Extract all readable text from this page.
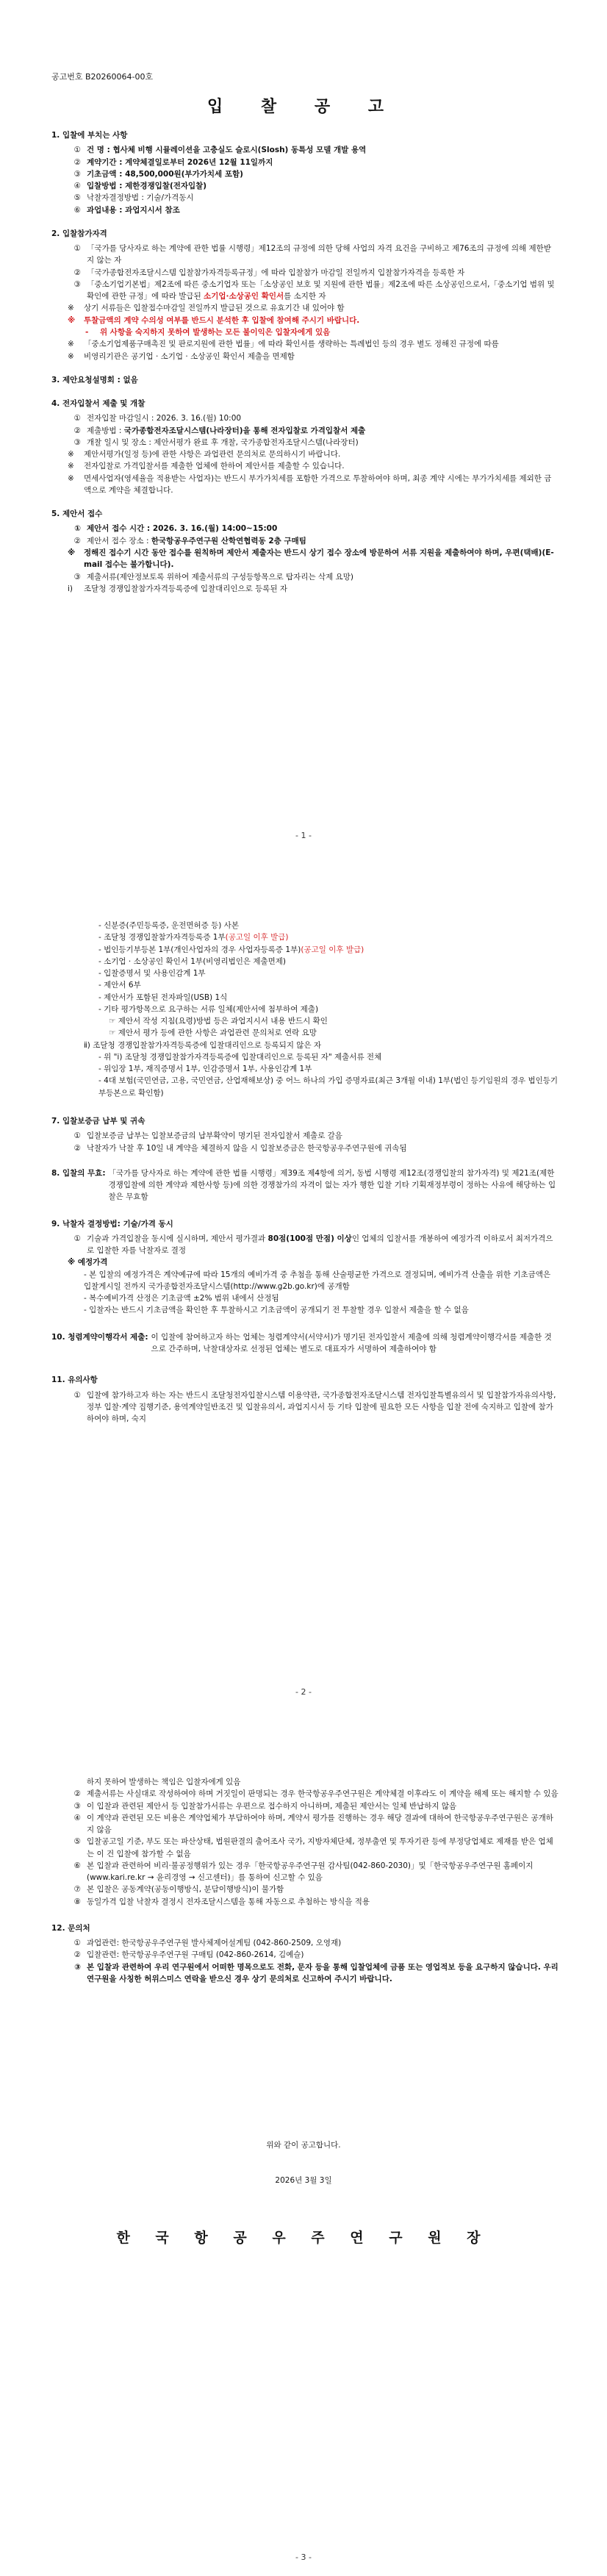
공고번호 B20260064-00호
입 찰 공 고
1. 입찰에 부치는 사항
① 건 명 : 협사체 비행 시뮬레이션을 고충실도 슬로시(Slosh) 동특성 모델 개발 용역
② 계약기간 : 계약체결일로부터 2026년 12월 11일까지
③ 기초금액 : 48,500,000원(부가가치세 포함)
④ 입찰방법 : 제한경쟁입찰(전자입찰)
⑤ 낙찰자결정방법 : 기술/가격동시
⑥ 과업내용 : 과업지시서 참조
2. 입찰참가자격
① 「국가를 당사자로 하는 계약에 관한 법률 시행령」제12조의 규정에 의한 당해 사업의 자격 요건을 구비하고 제76조의 규정에 의해 제한받지 않는 자
② 「국가종합전자조달시스템 입찰참가자격등록규정」에 따라 입찰참가 마감일 전일까지 입찰참가자격을 등록한 자
③ 「중소기업기본법」제2조에 따른 중소기업자 또는「소상공인 보호 및 지원에 관한 법률」제2조에 따른 소상공인으로서,「중소기업 범위 및 확인에 관한 규정」에 따라 발급된 소기업·소상공인 확인서를 소지한 자
※	상기 서류들은 입찰접수마감일 전일까지 발급된 것으로 유효기간 내 있어야 함
※	투찰금액의 계약 수의성 여부를 반드시 분석한 후 입찰에 참여해 주시기 바랍니다.
-	위 사항을 숙지하지 못하여 발생하는 모든 불이익은 입찰자에게 있음
※	「중소기업제품구매촉진 및 판로지원에 관한 법률」에 따라 확인서를 생략하는 특례법인 등의 경우 별도 정해진 규정에 따름
※	비영리기관은 공기업 · 소기업 · 소상공인 확인서 제출을 면제함
3. 제안요청설명회 : 없음
4. 전자입찰서 제출 및 개찰
① 전자입찰 마감일시 : 2026. 3. 16.(월) 10:00
② 제출방법 : 국가종합전자조달시스템(나라장터)을 통해 전자입찰로 가격입찰서 제출
③ 개찰 일시 및 장소 : 제안서평가 완료 후 개찰, 국가종합전자조달시스템(나라장터)
※	제안서평가(일정 등)에 관한 사항은 과업관련 문의처로 문의하시기 바랍니다.
※	전자입찰로 가격입찰서를 제출한 업체에 한하여 제안서를 제출할 수 있습니다.
※	면세사업자(영세율을 적용받는 사업자)는 반드시 부가가치세를 포함한 가격으로 투찰하여야 하며, 최종 계약 시에는 부가가치세를 제외한 금액으로 계약을 체결합니다.
5. 제안서 접수
① 제안서 접수 시간 : 2026. 3. 16.(월) 14:00~15:00
② 제안서 접수 장소 : 한국항공우주연구원 산학연협력동 2층 구매팀
※	정해진 접수기 시간 동안 접수를 원칙하며 제안서 제출자는 반드시 상기 접수 장소에 방문하여 서류 지원을 제출하여야 하며, 우편(택배)(E-mail 접수는 불가합니다).
③ 제출서류(제안정보토록 위하여 제출서류의 구성등항목으로 탑자리는 삭제 요망)
ⅰ)	조달청 경쟁입찰참가자격등록증에 입찰대리인으로 등록된 자
- 1 -
- 신분증(주민등록증, 운전면허증 등) 사본
- 조달청 경쟁입찰참가자격등록증 1부(공고일 이후 발급)
- 법인등기부등본 1부(개인사업자의 경우 사업자등록증 1부)(공고일 이후 발급)
- 소기업 · 소상공인 확인서 1부(비영리법인은 제출면제)
- 입찰증명서 및 사용인감계 1부
- 제안서 6부
- 제안서가 포함된 전자파일(USB) 1식
- 기타 평가항목으로 요구하는 서류 일체(제안서에 첨부하여 제출)
☞ 제안서 작성 지침(요령)방법 등은 과업지시서 내용 반드시 확인
☞ 제안서 평가 등에 관한 사항은 과업관련 문의처로 연락 요망
ⅱ) 조달청 경쟁입찰참가자격등록증에 입찰대리인으로 등록되지 않은 자
- 위 "ⅰ) 조달청 경쟁입찰참가자격등록증에 입찰대리인으로 등록된 자" 제출서류 전체
- 위임장 1부, 재직증명서 1부, 인감증명서 1부, 사용인감계 1부
- 4대 보험(국민연금, 고용, 국민연금, 산업재해보상) 중 어느 하나의 가입 증명자료(최근 3개월 이내) 1부(법인 등기임원의 경우 법인등기부등본으로 확인함)
7. 입찰보증금 납부 및 귀속
① 입찰보증금 납부는 입찰보증금의 납부확약이 명기된 전자입찰서 제출로 갈음
② 낙찰자가 낙찰 후 10일 내 계약을 체결하지 않을 시 입찰보증금은 한국항공우주연구원에 귀속됨
8. 입찰의 무효: 「국가를 당사자로 하는 계약에 관한 법률 시행령」제39조 제4항에 의거, 동법 시행령 제12조(경쟁입찰의 참가자격) 및 제21조(제한경쟁입찰에 의한 계약과 제한사항 등)에 의한 경쟁참가의 자격이 없는 자가 행한 입찰 기타 기획재정부령이 정하는 사유에 해당하는 입찰은 무효함
9. 낙찰자 결정방법: 기술/가격 동시
① 기술과 가격입찰을 동시에 실시하며, 제안서 평가결과 80점(100점 만점) 이상인 업체의 입찰서를 개봉하여 예정가격 이하로서 최저가격으로 입찰한 자를 낙찰자로 결정
※ 예정가격
- 본 입찰의 예정가격은 계약예규에 따라 15개의 예비가격 중 추첨을 통해 산술평균한 가격으로 결정되며, 예비가격 산출을 위한 기초금액은 입찰게시일 전까지 국가종합전자조달시스템(http://www.g2b.go.kr)에 공개함
- 복수예비가격 산정은 기초금액 ±2% 범위 내에서 산정됨
- 입찰자는 반드시 기초금액을 확인한 후 투찰하시고 기초금액이 공개되기 전 투찰할 경우 입찰서 제출을 할 수 없음
10. 청렴계약이행각서 제출: 이 입찰에 참여하고자 하는 업체는 청렴계약서(서약서)가 명기된 전자입찰서 제출에 의해 청렴계약이행각서를 제출한 것으로 간주하며, 낙찰대상자로 선정된 업체는 별도로 대표자가 서명하여 제출하여야 함
11. 유의사항
① 입찰에 참가하고자 하는 자는 반드시 조달청전자입찰시스템 이용약관, 국가종합전자조달시스템 전자입찰특별유의서 및 입찰참가자유의사항, 정부 입찰·계약 집행기준, 용역계약일반조건 및 입찰유의서, 과업지시서 등 기타 입찰에 필요한 모든 사항을 입찰 전에 숙지하고 입찰에 참가하여야 하며, 숙지
- 2 -
하지 못하여 발생하는 책임은 입찰자에게 있음
② 제출서류는 사실대로 작성하여야 하며 거짓일이 판명되는 경우 한국항공우주연구원은 계약체결 이후라도 이 계약을 해제 또는 해지할 수 있음
③ 이 입찰과 관련된 제안서 등 입찰참가서류는 우편으로 접수하지 아니하며, 제출된 제안서는 일체 반납하지 않음
④ 이 계약과 관련된 모든 비용은 계약업체가 부담하여야 하며, 계약서 평가를 진행하는 경우 해당 결과에 대하여 한국항공우주연구원은 공개하지 않음
⑤ 입찰공고일 기준, 부도 또는 파산상태, 법원판결의 출어조사 국가, 지방자체단체, 정부출연 및 투자기관 등에 부정당업체로 제재를 받은 업체는 이 건 입찰에 참가할 수 없음
⑥ 본 입찰과 관련하여 비리·불공정행위가 있는 경우「한국항공우주연구원 감사팀(042-860-2030)」및「한국항공우주연구원 홈페이지(www.kari.re.kr → 윤리경영 → 신고센터)」를 통하여 신고할 수 있음
⑦ 본 입찰은 공동계약(공동이행방식, 분담이행방식)이 불가함
⑧ 동일가격 입찰 낙찰자 결정시 전자조달시스템을 통해 자동으로 추첨하는 방식을 적용
12. 문의처
① 과업관련: 한국항공우주연구원 발사체제어설계팀 (042-860-2509, 오영재)
② 입찰관련: 한국항공우주연구원 구매팀 (042-860-2614, 김예슬)
③ 본 입찰과 관련하여 우리 연구원에서 어떠한 명목으로도 전화, 문자 등을 통해 입찰업체에 금품 또는 영업적보 등을 요구하지 않습니다. 우리 연구원을 사칭한 허위스미스 연락을 받으신 경우 상기 문의처로 신고하여 주시기 바랍니다.
위와 같이 공고합니다.
2026년 3월 3일
한 국 항 공 우 주 연 구 원 장
- 3 -
